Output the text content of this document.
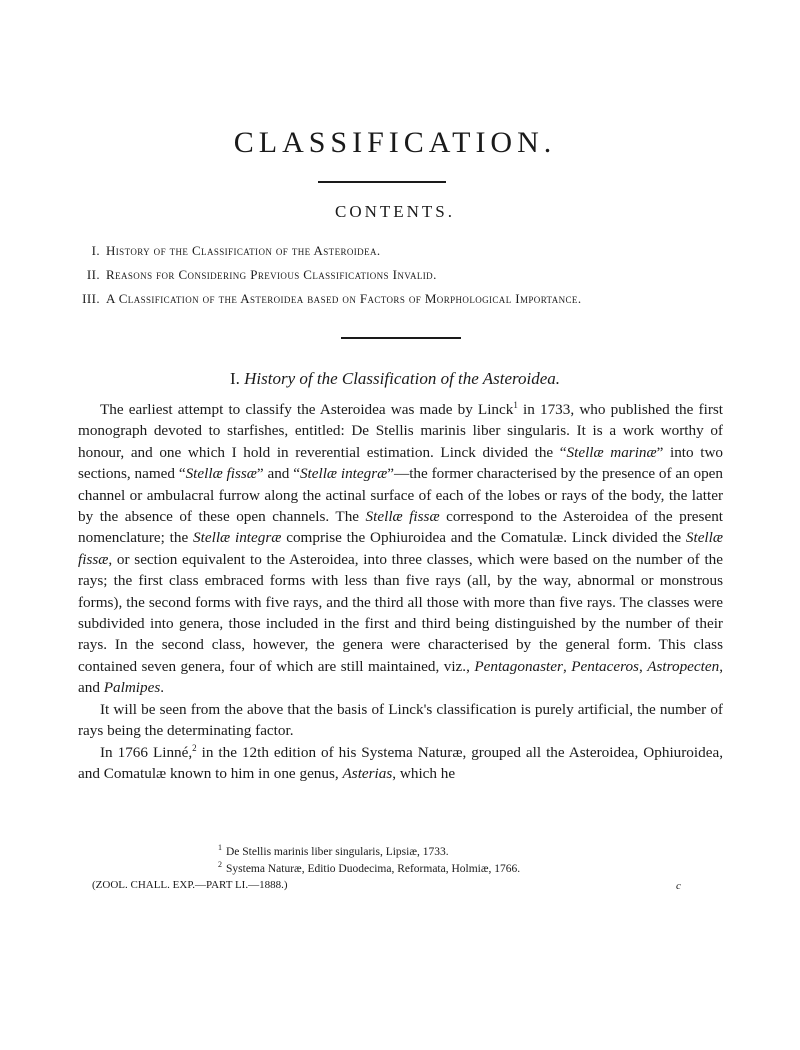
CLASSIFICATION.
CONTENTS.
I. History of the Classification of the Asteroidea.
II. Reasons for Considering Previous Classifications Invalid.
III. A Classification of the Asteroidea based on Factors of Morphological Importance.
I. History of the Classification of the Asteroidea.

The earliest attempt to classify the Asteroidea was made by Linck$^1$ in 1733, who published the first monograph devoted to starfishes, entitled: De Stellis marinis liber singularis. It is a work worthy of honour, and one which I hold in reverential estimation. Linck divided the “Stellæ marinæ” into two sections, named “Stellæ fissæ” and “Stellæ integræ”—the former characterised by the presence of an open channel or ambulacral furrow along the actinal surface of each of the lobes or rays of the body, the latter by the absence of these open channels. The Stellæ fissæ correspond to the Asteroidea of the present nomenclature; the Stellæ integræ comprise the Ophiuroidea and the Comatulæ. Linck divided the Stellæ fissæ, or section equivalent to the Asteroidea, into three classes, which were based on the number of the rays; the first class embraced forms with less than five rays (all, by the way, abnormal or monstrous forms), the second forms with five rays, and the third all those with more than five rays. The classes were subdivided into genera, those included in the first and third being distinguished by the number of their rays. In the second class, however, the genera were characterised by the general form. This class contained seven genera, four of which are still maintained, viz., Pentagonaster, Pentaceros, Astropecten, and Palmipes.

It will be seen from the above that the basis of Linck's classification is purely artificial, the number of rays being the determinating factor.

In 1766 Linné,$^2$ in the 12th edition of his Systema Naturæ, grouped all the Asteroidea, Ophiuroidea, and Comatulæ known to him in one genus, Asterias, which he

$^1$ De Stellis marinis liber singularis, Lipsiæ, 1733.
$^2$ Systema Naturæ, Editio Duodecima, Reformata, Holmiæ, 1766.
(ZOOL. CHALL. EXP.—PART LI.—1888.)	c
